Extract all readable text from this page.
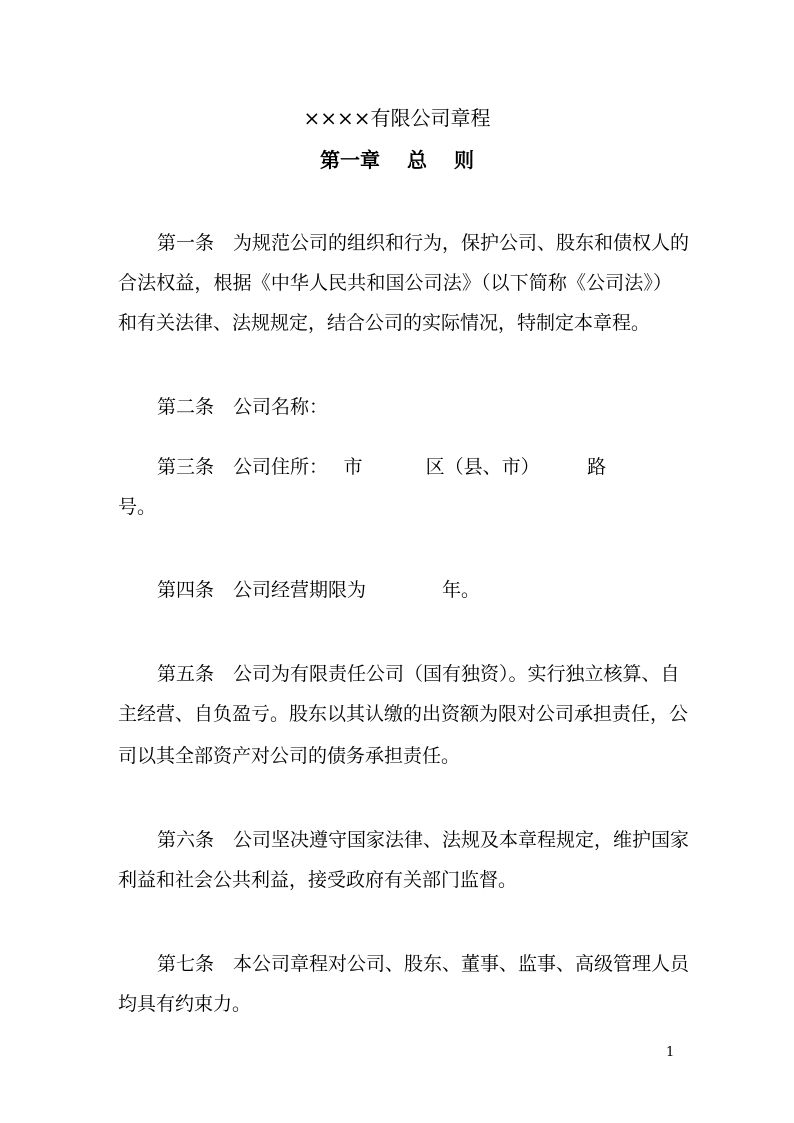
××××有限公司章程
第一章　 总　 则
第一条　为规范公司的组织和行为，保护公司、股东和债权人的
合法权益，根据《中华人民共和国公司法》（以下简称《公司法》）
和有关法律、法规规定，结合公司的实际情况，特制定本章程。
第二条　公司名称：
第三条　公司住所：　 市　　　 区（县、市）　　　路
号。
第四条　公司经营期限为　　　　年。
第五条　公司为有限责任公司（国有独资）。实行独立核算、自
主经营、自负盈亏。股东以其认缴的出资额为限对公司承担责任，公
司以其全部资产对公司的债务承担责任。
第六条　公司坚决遵守国家法律、法规及本章程规定，维护国家
利益和社会公共利益，接受政府有关部门监督。
第七条　本公司章程对公司、股东、董事、监事、高级管理人员
均具有约束力。
1
